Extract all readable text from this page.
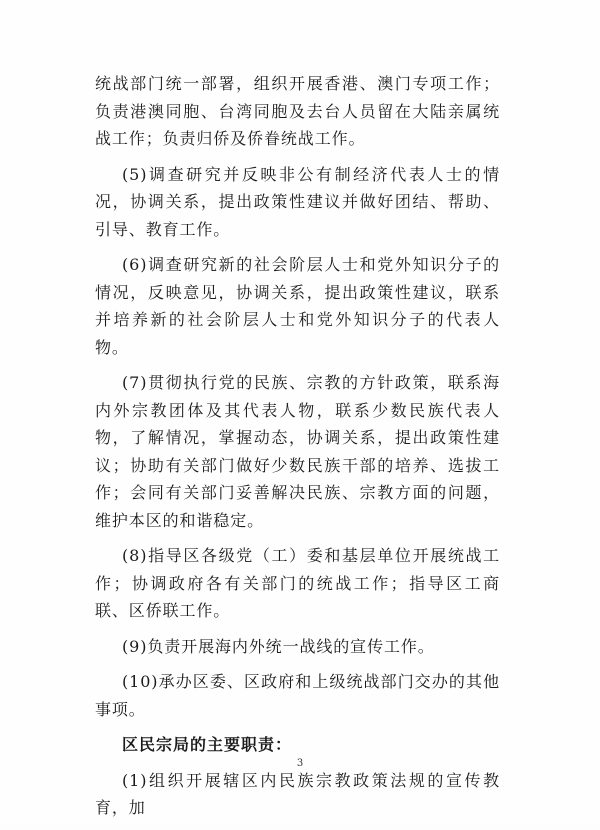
统战部门统一部署，组织开展香港、澳门专项工作；负责港澳同胞、台湾同胞及去台人员留在大陆亲属统战工作；负责归侨及侨眷统战工作。

(5)调查研究并反映非公有制经济代表人士的情况，协调关系，提出政策性建议并做好团结、帮助、引导、教育工作。

(6)调查研究新的社会阶层人士和党外知识分子的情况，反映意见，协调关系，提出政策性建议，联系并培养新的社会阶层人士和党外知识分子的代表人物。

(7)贯彻执行党的民族、宗教的方针政策，联系海内外宗教团体及其代表人物，联系少数民族代表人物，了解情况，掌握动态，协调关系，提出政策性建议；协助有关部门做好少数民族干部的培养、选拔工作；会同有关部门妥善解决民族、宗教方面的问题，维护本区的和谐稳定。

(8)指导区各级党（工）委和基层单位开展统战工作；协调政府各有关部门的统战工作；指导区工商联、区侨联工作。

(9)负责开展海内外统一战线的宣传工作。

(10)承办区委、区政府和上级统战部门交办的其他事项。

区民宗局的主要职责：

(1)组织开展辖区内民族宗教政策法规的宣传教育，加

3
